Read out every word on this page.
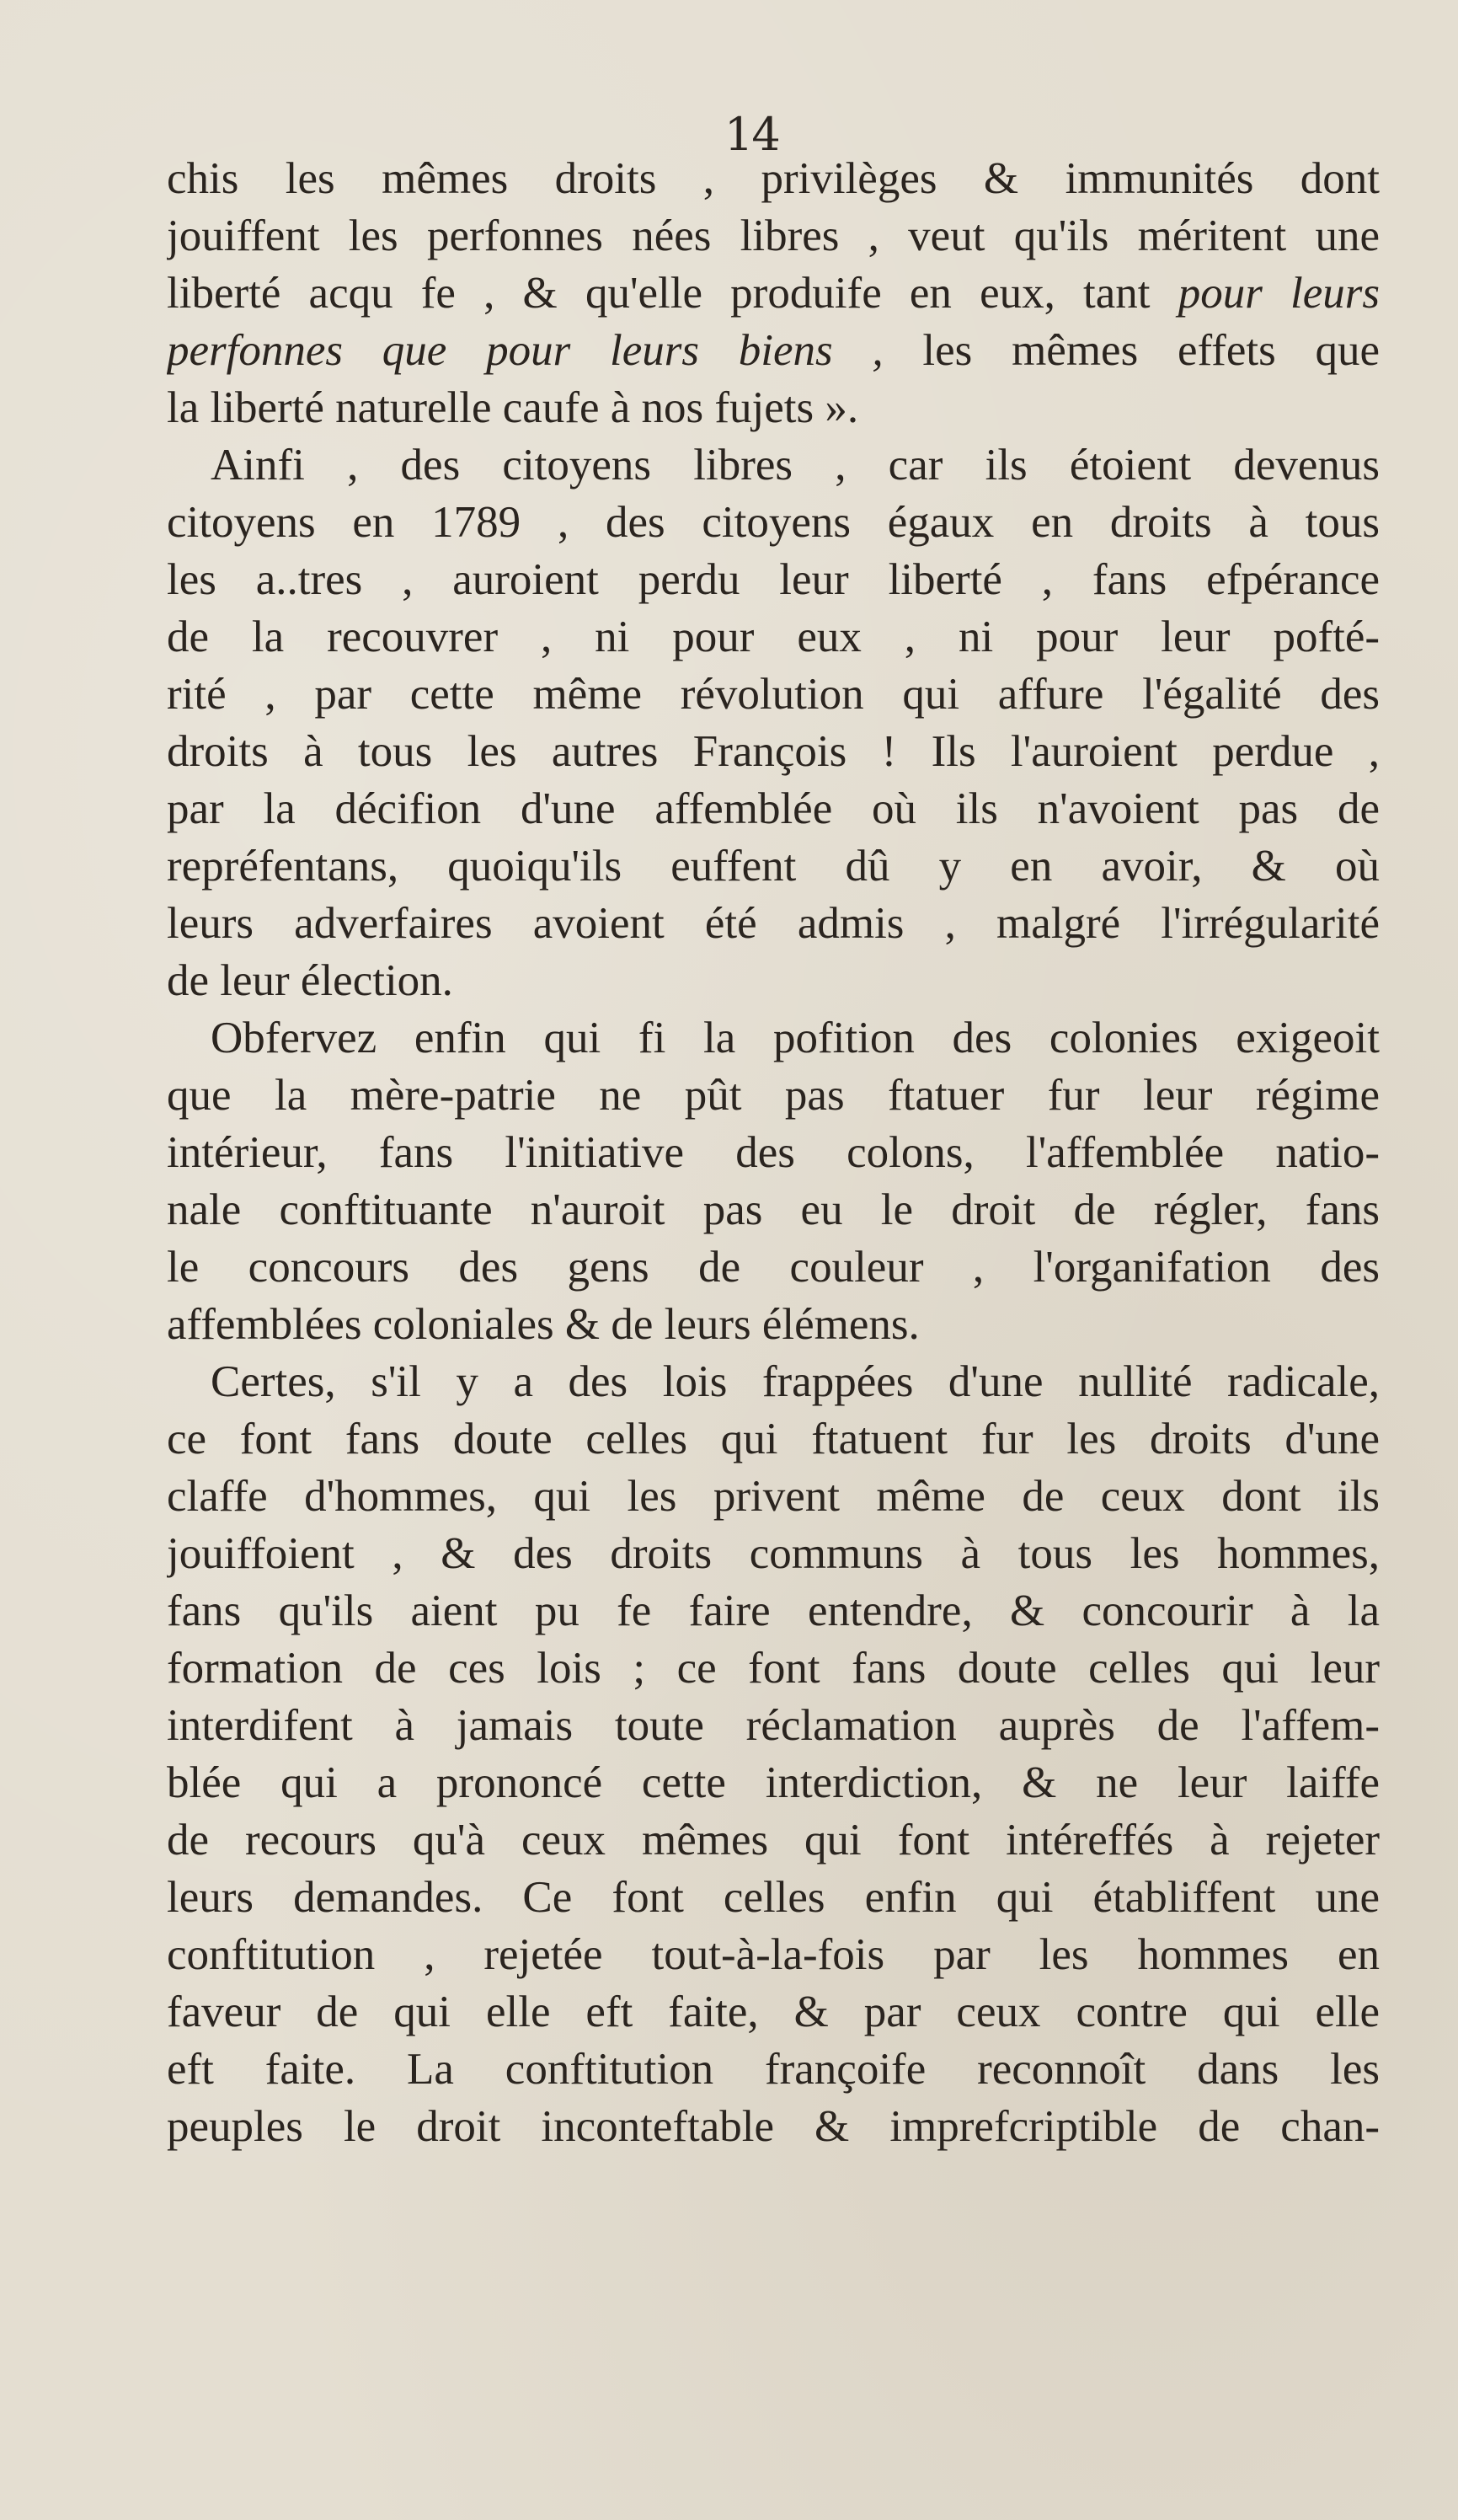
14
chis les mêmes droits , privilèges & immunités dont
jouiffent les perfonnes nées libres , veut qu'ils méritent une
liberté acqu fe , & qu'elle produife en eux, tant pour leurs
perfonnes que pour leurs biens , les mêmes effets que
la liberté naturelle caufe à nos fujets ».
Ainfi , des citoyens libres , car ils étoient devenus
citoyens en 1789 , des citoyens égaux en droits à tous
les a..tres , auroient perdu leur liberté , fans efpérance
de la recouvrer , ni pour eux , ni pour leur pofté-
rité , par cette même révolution qui affure l'égalité des
droits à tous les autres François ! Ils l'auroient perdue ,
par la décifion d'une affemblée où ils n'avoient pas de
repréfentans, quoiqu'ils euffent dû y en avoir, & où
leurs adverfaires avoient été admis , malgré l'irrégularité
de leur élection.
Obfervez enfin qui fi la pofition des colonies exigeoit
que la mère-patrie ne pût pas ftatuer fur leur régime
intérieur, fans l'initiative des colons, l'affemblée natio-
nale conftituante n'auroit pas eu le droit de régler, fans
le concours des gens de couleur , l'organifation des
affemblées coloniales & de leurs élémens.
Certes, s'il y a des lois frappées d'une nullité radicale,
ce font fans doute celles qui ftatuent fur les droits d'une
claffe d'hommes, qui les privent même de ceux dont ils
jouiffoient , & des droits communs à tous les hommes,
fans qu'ils aient pu fe faire entendre, & concourir à la
formation de ces lois ; ce font fans doute celles qui leur
interdifent à jamais toute réclamation auprès de l'affem-
blée qui a prononcé cette interdiction, & ne leur laiffe
de recours qu'à ceux mêmes qui font intéreffés à rejeter
leurs demandes. Ce font celles enfin qui établiffent une
conftitution , rejetée tout-à-la-fois par les hommes en
faveur de qui elle eft faite, & par ceux contre qui elle
eft faite. La conftitution françoife reconnoît dans les
peuples le droit inconteftable & imprefcriptible de chan-
